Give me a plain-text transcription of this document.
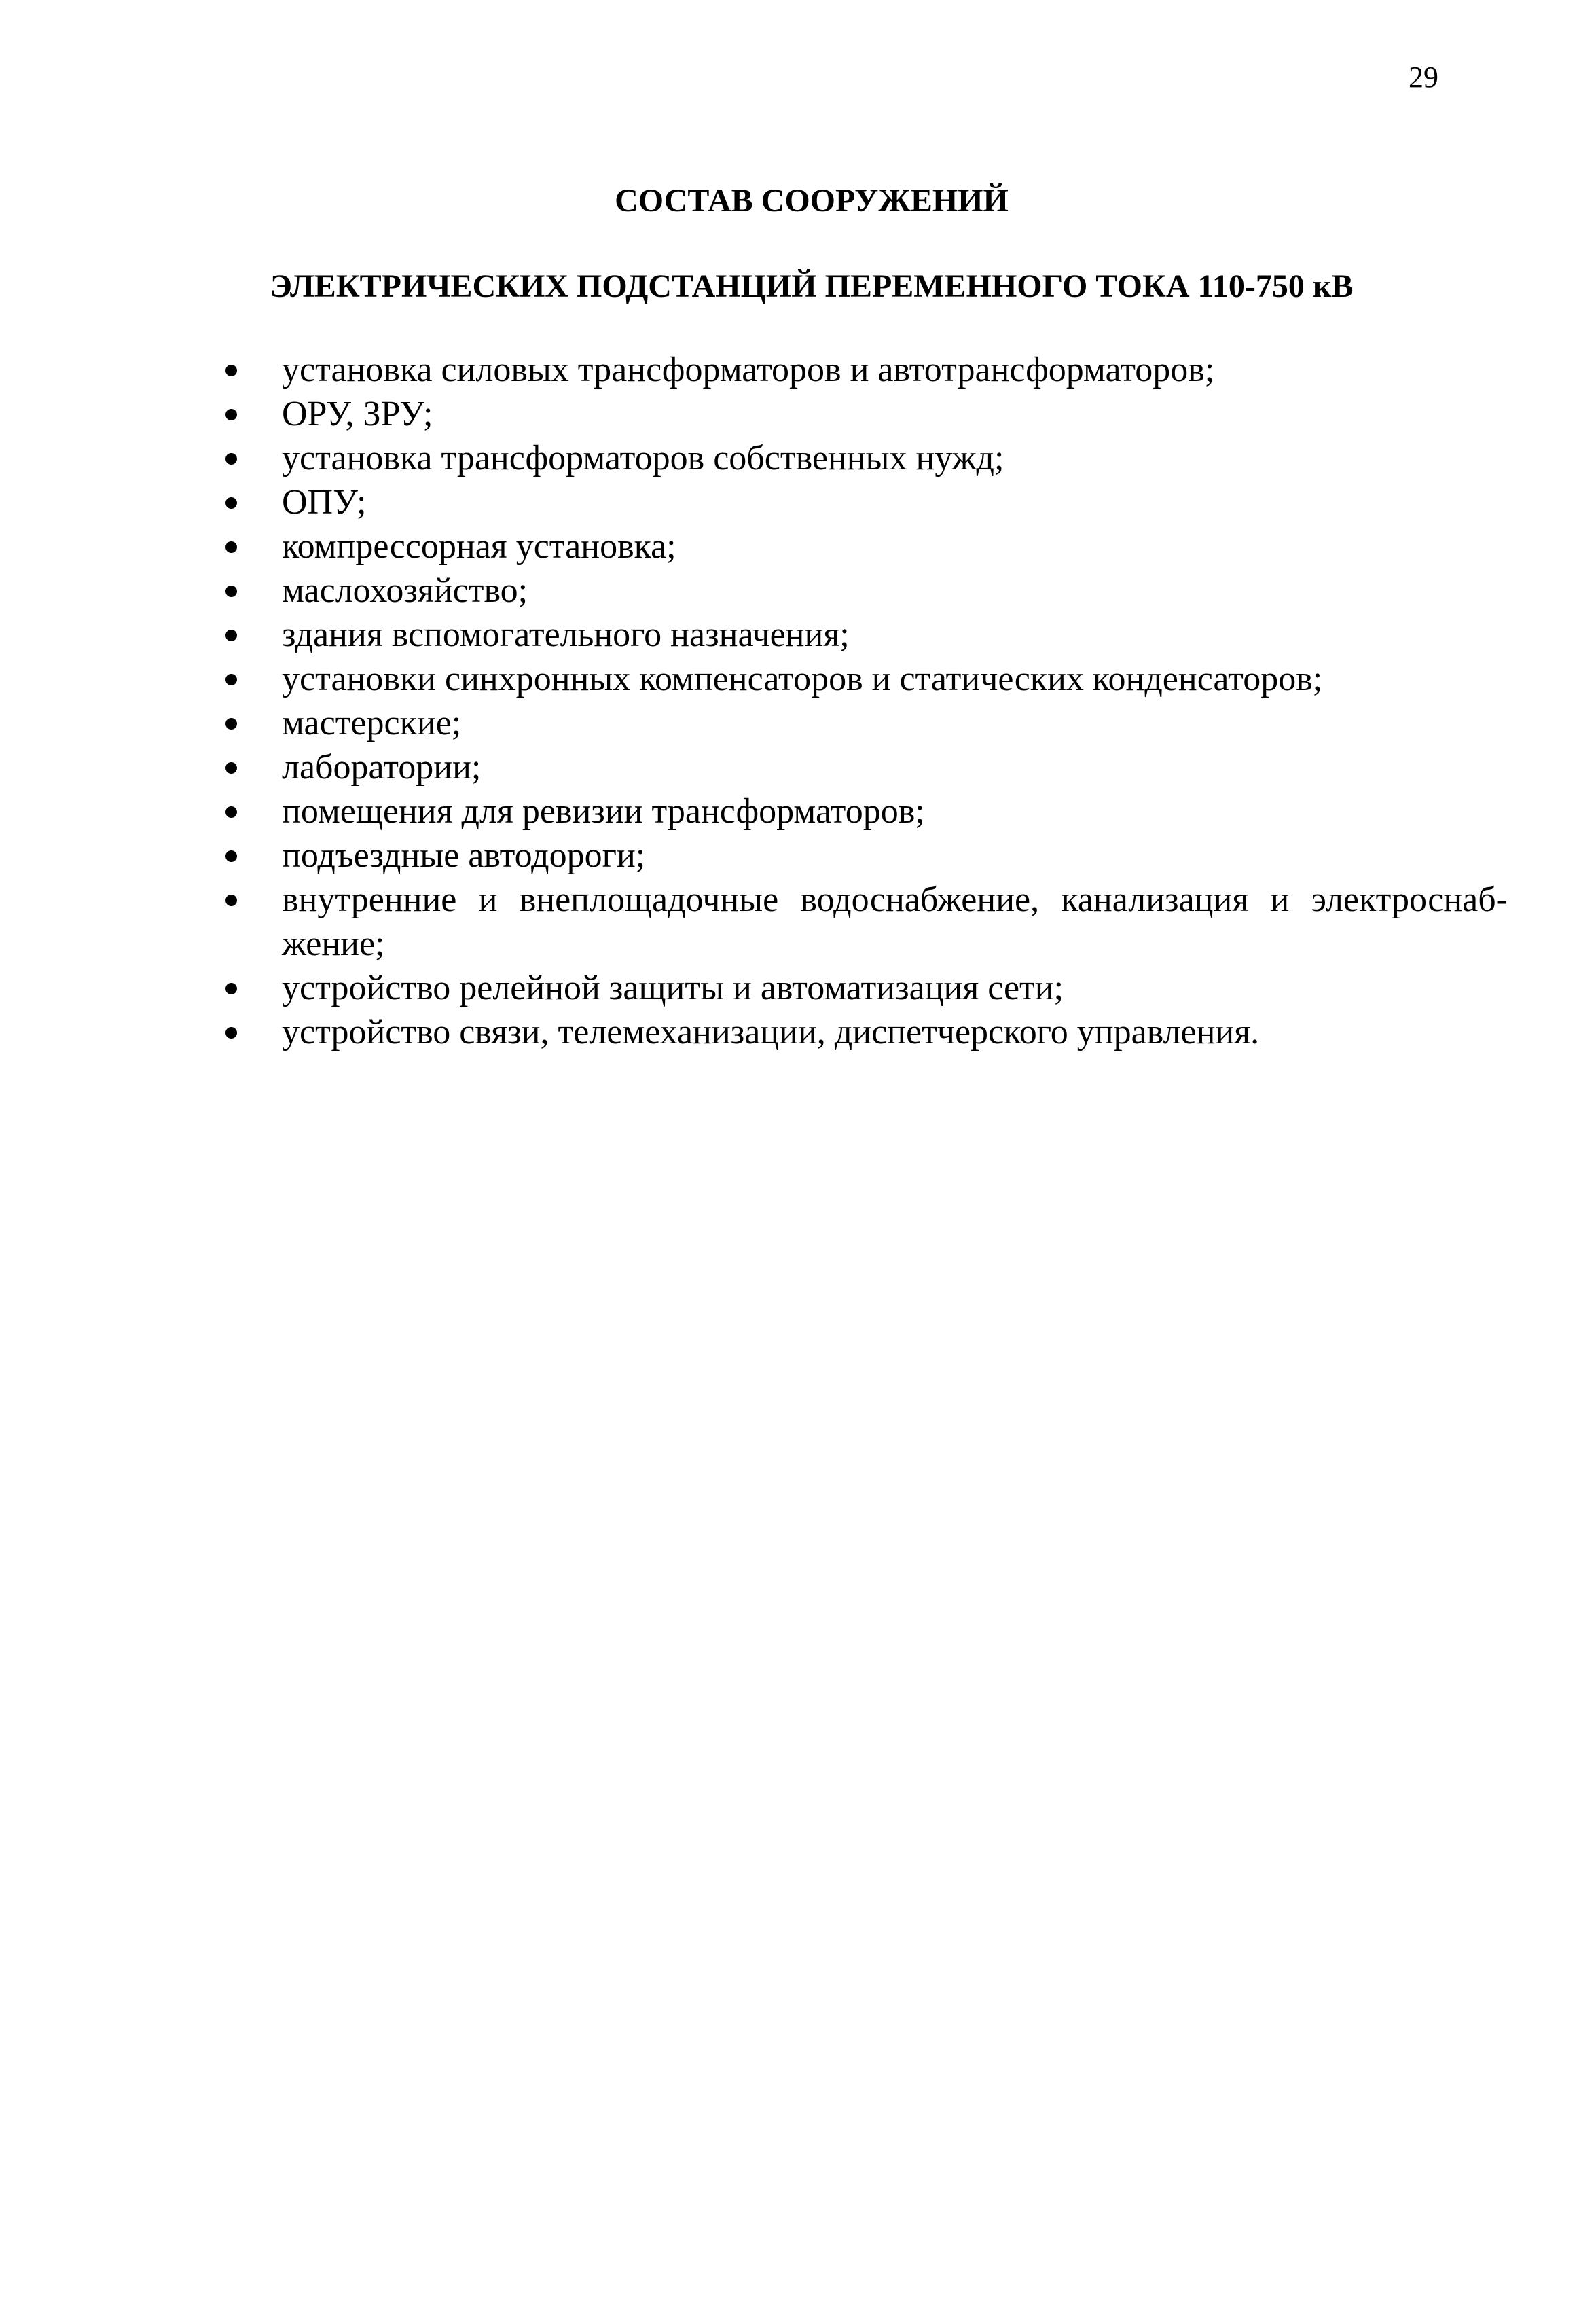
29
СОСТАВ СООРУЖЕНИЙ
ЭЛЕКТРИЧЕСКИХ ПОДСТАНЦИЙ ПЕРЕМЕННОГО ТОКА 110-750 кВ
установка силовых трансформаторов и автотрансформаторов;
ОРУ, ЗРУ;
установка трансформаторов собственных нужд;
ОПУ;
компрессорная установка;
маслохозяйство;
здания вспомогательного назначения;
установки синхронных компенсаторов и статических конденсаторов;
мастерские;
лаборатории;
помещения для ревизии трансформаторов;
подъездные автодороги;
внутренние и внеплощадочные водоснабжение, канализация и электроснаб-жение;
устройство релейной защиты и автоматизация сети;
устройство связи, телемеханизации, диспетчерского управления.
